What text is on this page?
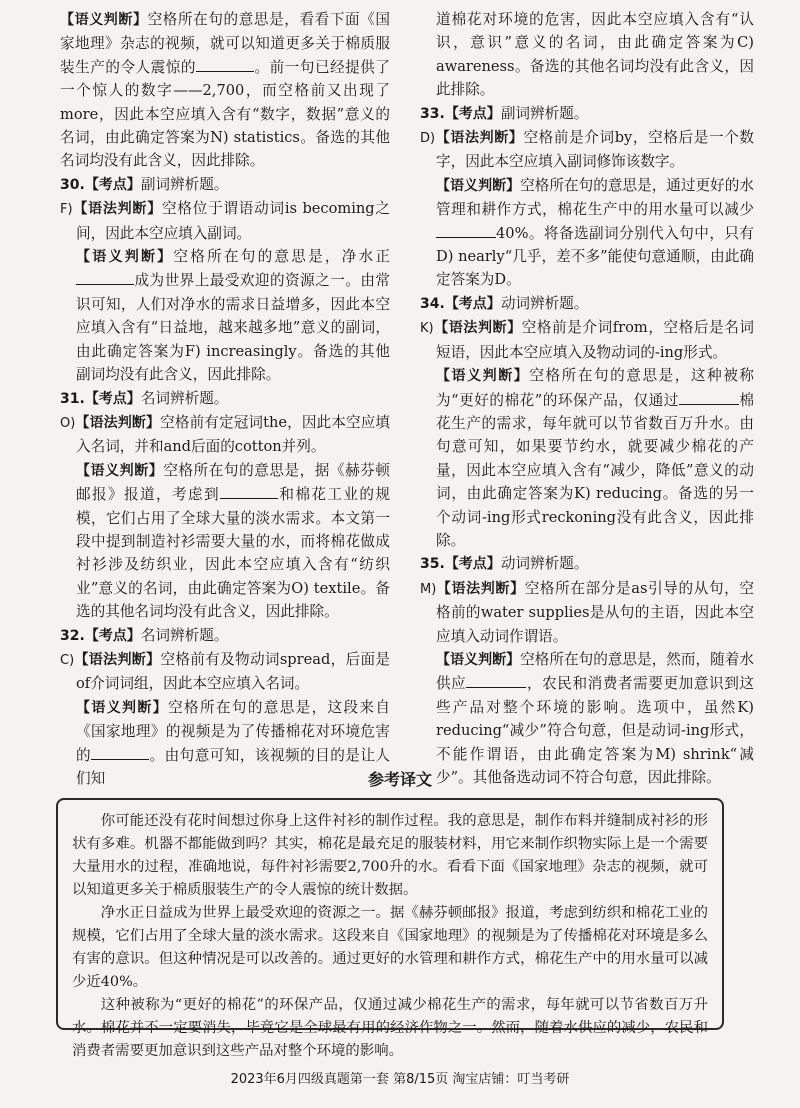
【语义判断】空格所在句的意思是，看看下面《国家地理》杂志的视频，就可以知道更多关于棉质服装生产的令人震惊的	。前一句已经提供了一个惊人的数字——2,700，而空格前又出现了more，因此本空应填入含有“数字，数据”意义的名词，由此确定答案为N) statistics。备选的其他名词均没有此含义，因此排除。

30.【考点】副词辨析题。

F)【语法判断】空格位于谓语动词is becoming之间，因此本空应填入副词。

【语义判断】空格所在句的意思是，净水正成为世界上最受欢迎的资源之一。由常识可知，人们对净水的需求日益增多，因此本空应填入含有“日益地，越来越多地”意义的副词，由此确定答案为F) increasingly。备选的其他副词均没有此含义，因此排除。

31.【考点】名词辨析题。

O)【语法判断】空格前有定冠词the，因此本空应填入名词，并和and后面的cotton并列。

【语义判断】空格所在句的意思是，据《赫芬顿邮报》报道，考虑到	和棉花工业的规模，它们占用了全球大量的淡水需求。本文第一段中提到制造衬衫需要大量的水，而将棉花做成衬衫涉及纺织业，因此本空应填入含有“纺织业”意义的名词，由此确定答案为O) textile。备选的其他名词均没有此含义，因此排除。

32.【考点】名词辨析题。

C)【语法判断】空格前有及物动词spread，后面是of介词词组，因此本空应填入名词。

【语义判断】空格所在句的意思是，这段来自《国家地理》的视频是为了传播棉花对环境危害的	。由句意可知，该视频的目的是让人们知

道棉花对环境的危害，因此本空应填入含有“认识，意识”意义的名词，由此确定答案为C) awareness。备选的其他名词均没有此含义，因此排除。

33.【考点】副词辨析题。

D)【语法判断】空格前是介词by，空格后是一个数字，因此本空应填入副词修饰该数字。

【语义判断】空格所在句的意思是，通过更好的水管理和耕作方式，棉花生产中的用水量可以减少40%。将备选副词分别代入句中，只有D) nearly“几乎，差不多”能使句意通顺，由此确定答案为D。

34.【考点】动词辨析题。

K)【语法判断】空格前是介词from，空格后是名词短语，因此本空应填入及物动词的-ing形式。

【语义判断】空格所在句的意思是，这种被称为“更好的棉花”的环保产品，仅通过	棉花生产的需求，每年就可以节省数百万升水。由句意可知，如果要节约水，就要减少棉花的产量，因此本空应填入含有“减少，降低”意义的动词，由此确定答案为K) reducing。备选的另一个动词-ing形式reckoning没有此含义，因此排除。

35.【考点】动词辨析题。

M)【语法判断】空格所在部分是as引导的从句，空格前的water supplies是从句的主语，因此本空应填入动词作谓语。

【语义判断】空格所在句的意思是，然而，随着水供应	，农民和消费者需要更加意识到这些产品对整个环境的影响。选项中，虽然K) reducing“减少”符合句意，但是动词-ing形式，不能作谓语，由此确定答案为M) shrink“减少”。其他备选动词不符合句意，因此排除。

参考译文

你可能还没有花时间想过你身上这件衬衫的制作过程。我的意思是，制作布料并缝制成衬衫的形状有多难。机器不都能做到吗？其实，棉花是最充足的服装材料，用它来制作织物实际上是一个需要大量用水的过程，准确地说，每件衬衫需要2,700升的水。看看下面《国家地理》杂志的视频，就可以知道更多关于棉质服装生产的令人震惊的统计数据。

净水正日益成为世界上最受欢迎的资源之一。据《赫芬顿邮报》报道，考虑到纺织和棉花工业的规模，它们占用了全球大量的淡水需求。这段来自《国家地理》的视频是为了传播棉花对环境是多么有害的意识。但这种情况是可以改善的。通过更好的水管理和耕作方式，棉花生产中的用水量可以减少近40%。

这种被称为“更好的棉花”的环保产品，仅通过减少棉花生产的需求，每年就可以节省数百万升水。棉花并不一定要消失，毕竟它是全球最有用的经济作物之一。然而，随着水供应的减少，农民和消费者需要更加意识到这些产品对整个环境的影响。

2023年6月四级真题第一套 第8/15页 淘宝店铺：叮当考研
